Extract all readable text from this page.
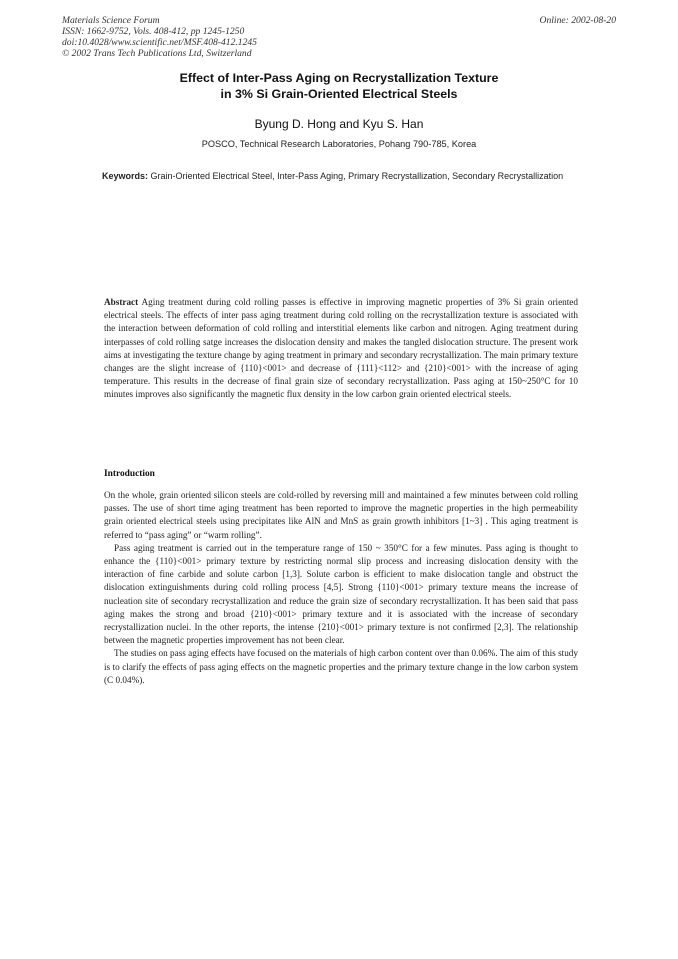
Materials Science Forum
ISSN: 1662-9752, Vols. 408-412, pp 1245-1250
doi:10.4028/www.scientific.net/MSF.408-412.1245
© 2002 Trans Tech Publications Ltd, Switzerland
Online: 2002-08-20
Effect of Inter-Pass Aging on Recrystallization Texture
in 3% Si Grain-Oriented Electrical Steels
Byung D. Hong and Kyu S. Han
POSCO, Technical Research Laboratories, Pohang 790-785, Korea
Keywords: Grain-Oriented Electrical Steel, Inter-Pass Aging, Primary Recrystallization, Secondary Recrystallization
Abstract Aging treatment during cold rolling passes is effective in improving magnetic properties of 3% Si grain oriented electrical steels. The effects of inter pass aging treatment during cold rolling on the recrystallization texture is associated with the interaction between deformation of cold rolling and interstitial elements like carbon and nitrogen. Aging treatment during interpasses of cold rolling satge increases the dislocation density and makes the tangled dislocation structure. The present work aims at investigating the texture change by aging treatment in primary and secondary recrystallization. The main primary texture changes are the slight increase of {110}<001> and decrease of {111}<112> and {210}<001> with the increase of aging temperature. This results in the decrease of final grain size of secondary recrystallization. Pass aging at 150~250°C for 10 minutes improves also significantly the magnetic flux density in the low carbon grain oriented electrical steels.
Introduction

On the whole, grain oriented silicon steels are cold-rolled by reversing mill and maintained a few minutes between cold rolling passes. The use of short time aging treatment has been reported to improve the magnetic properties in the high permeability grain oriented electrical steels using precipitates like AlN and MnS as grain growth inhibitors [1~3] . This aging treatment is referred to “pass aging” or “warm rolling”.

Pass aging treatment is carried out in the temperature range of 150 ~ 350°C for a few minutes. Pass aging is thought to enhance the {110}<001> primary texture by restricting normal slip process and increasing dislocation density with the interaction of fine carbide and solute carbon [1,3]. Solute carbon is efficient to make dislocation tangle and obstruct the dislocation extinguishments during cold rolling process [4,5]. Strong {110}<001> primary texture means the increase of nucleation site of secondary recrystallization and reduce the grain size of secondary recrystallization. It has been said that pass aging makes the strong and broad {210}<001> primary texture and it is associated with the increase of secondary recrystallization nuclei. In the other reports, the intense {210}<001> primary texture is not confirmed [2,3]. The relationship between the magnetic properties improvement has not been clear.

The studies on pass aging effects have focused on the materials of high carbon content over than 0.06%. The aim of this study is to clarify the effects of pass aging effects on the magnetic properties and the primary texture change in the low carbon system (C 0.04%).
